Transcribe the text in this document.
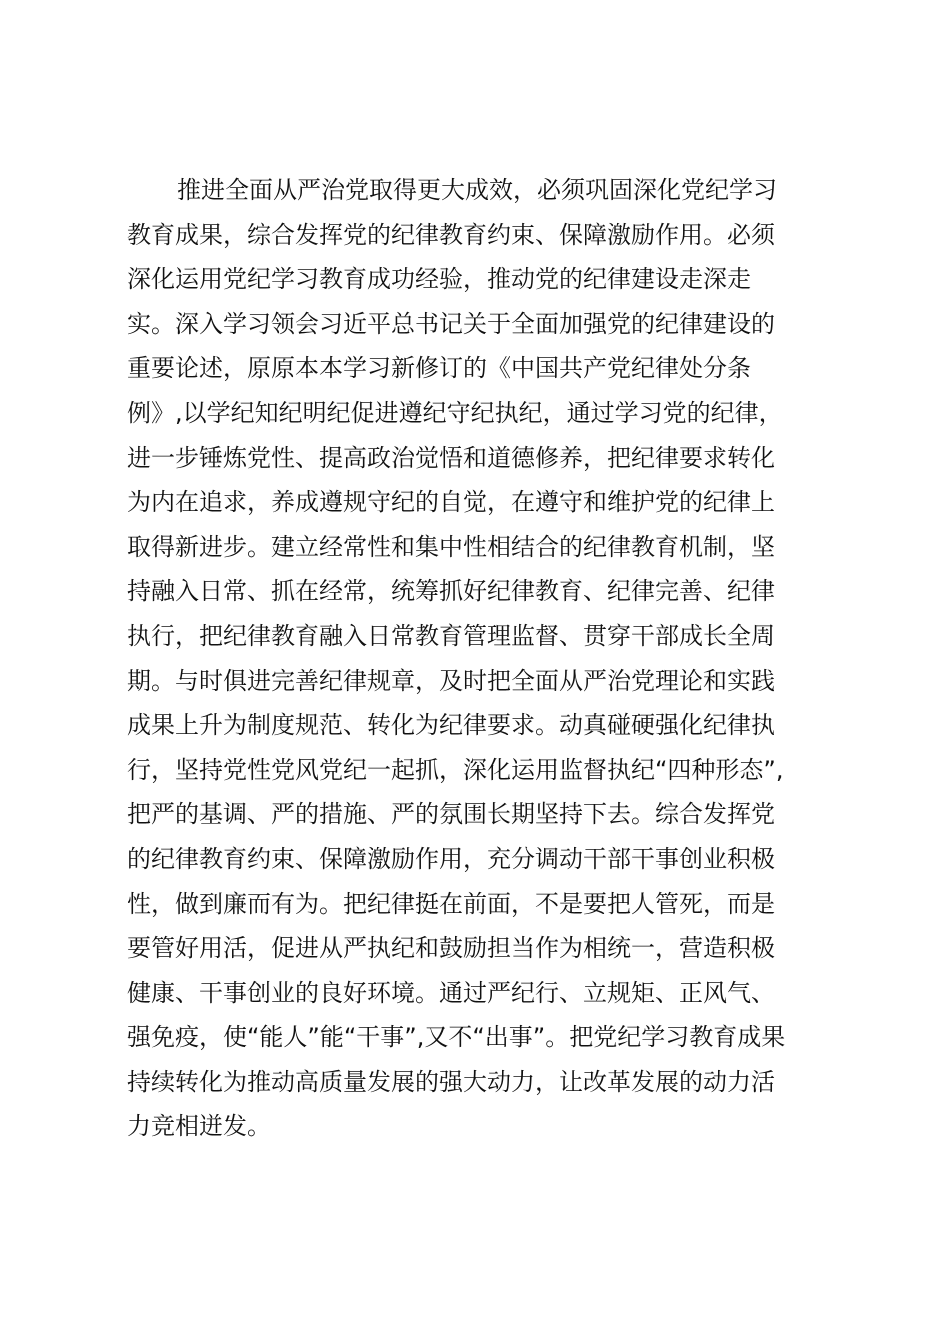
推进全面从严治党取得更大成效，必须巩固深化党纪学习
教育成果，综合发挥党的纪律教育约束、保障激励作用。必须
深化运用党纪学习教育成功经验，推动党的纪律建设走深走
实。深入学习领会习近平总书记关于全面加强党的纪律建设的
重要论述，原原本本学习新修订的《中国共产党纪律处分条
例》,以学纪知纪明纪促进遵纪守纪执纪，通过学习党的纪律，
进一步锤炼党性、提高政治觉悟和道德修养，把纪律要求转化
为内在追求，养成遵规守纪的自觉，在遵守和维护党的纪律上
取得新进步。建立经常性和集中性相结合的纪律教育机制，坚
持融入日常、抓在经常，统筹抓好纪律教育、纪律完善、纪律
执行，把纪律教育融入日常教育管理监督、贯穿干部成长全周
期。与时俱进完善纪律规章，及时把全面从严治党理论和实践
成果上升为制度规范、转化为纪律要求。动真碰硬强化纪律执
行，坚持党性党风党纪一起抓，深化运用监督执纪“四种形态”,
把严的基调、严的措施、严的氛围长期坚持下去。综合发挥党
的纪律教育约束、保障激励作用，充分调动干部干事创业积极
性，做到廉而有为。把纪律挺在前面，不是要把人管死，而是
要管好用活，促进从严执纪和鼓励担当作为相统一，营造积极
健康、干事创业的良好环境。通过严纪行、立规矩、正风气、
强免疫，使“能人”能“干事”,又不“出事”。把党纪学习教育成果
持续转化为推动高质量发展的强大动力，让改革发展的动力活
力竞相迸发。
